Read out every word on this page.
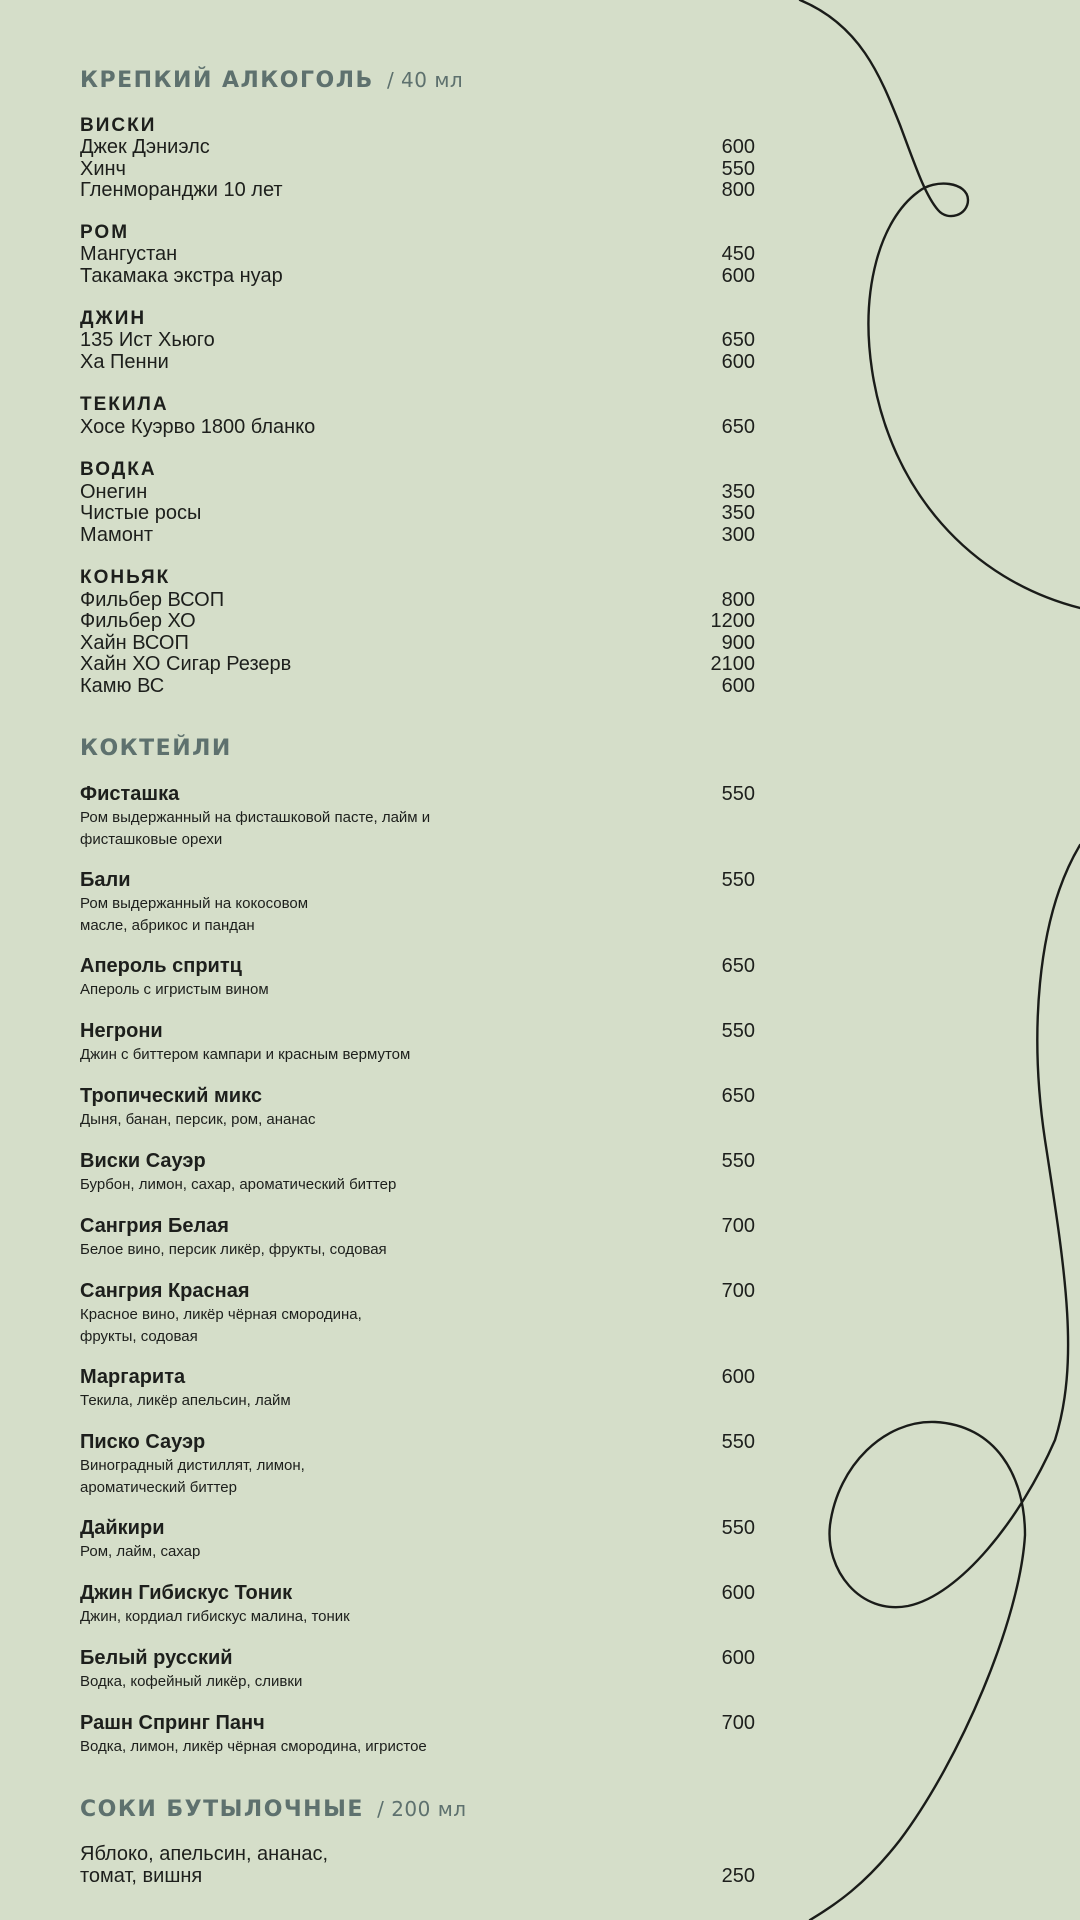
КРЕПКИЙ АЛКОГОЛЬ / 40 мл
ВИСКИ
Джек Дэниэлс	600
Хинч	550
Гленморанджи 10 лет	800
РОМ
Мангустан	450
Такамака экстра нуар	600
ДЖИН
135 Ист Хьюго	650
Ха Пенни	600
ТЕКИЛА
Хосе Куэрво 1800 бланко	650
ВОДКА
Онегин	350
Чистые росы	350
Мамонт	300
КОНЬЯК
Фильбер ВСОП	800
Фильбер ХО	1200
Хайн ВСОП	900
Хайн ХО Сигар Резерв	2100
Камю ВС	600
КОКТЕЙЛИ
Фисташка	550
Ром выдержанный на фисташковой паcте, лайм и фисташковые орехи
Бали	550
Ром выдержанный на кокосовом масле, абрикос и пандан
Апероль спритц	650
Апероль с игристым вином
Негрони	550
Джин с биттером кампари и красным вермутом
Тропический микс	650
Дыня, банан, персик, ром, ананас
Виски Сауэр	550
Бурбон, лимон, сахар, ароматический биттер
Сангрия Белая	700
Белое вино, персик ликёр, фрукты, содовая
Сангрия Красная	700
Красное вино, ликёр чёрная смородина, фрукты, содовая
Маргарита	600
Текила, ликёр апельсин, лайм
Писко Сауэр	550
Виноградный дистиллят, лимон, ароматический биттер
Дайкири	550
Ром, лайм, сахар
Джин Гибискус Тоник	600
Джин, кордиал гибискус малина, тоник
Белый русский	600
Водка, кофейный ликёр, сливки
Рашн Спринг Панч	700
Водка, лимон, ликёр чёрная смородина, игристое
СОКИ БУТЫЛОЧНЫЕ / 200 мл
Яблоко, апельсин, ананас, томат, вишня	250
